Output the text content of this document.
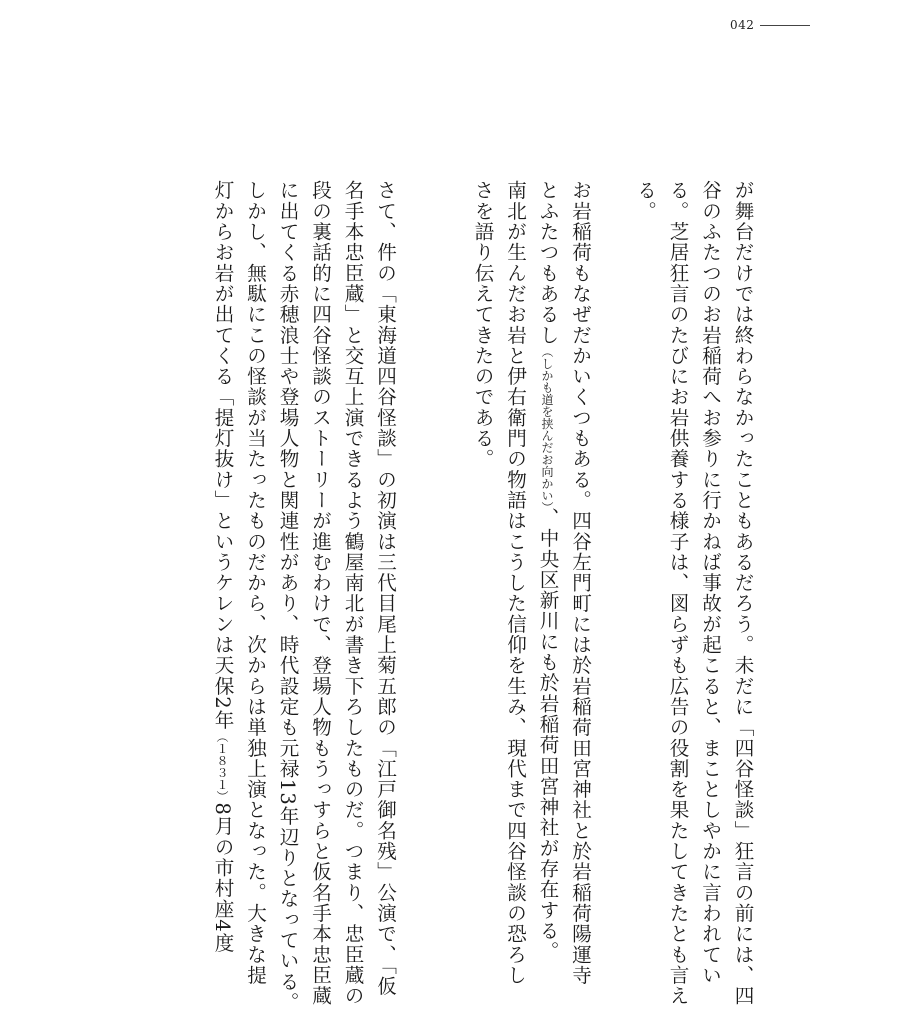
042
が舞台だけでは終わらなかったこともあるだろう。未だに「四谷怪談」狂言の前には、四
谷のふたつのお岩稲荷へお参りに行かねば事故が起こると、まことしやかに言われてい
る。芝居狂言のたびにお岩供養する様子は、図らずも広告の役割を果たしてきたとも言え
る。
お岩稲荷もなぜだかいくつもある。四谷左門町には於岩稲荷田宮神社と於岩稲荷陽運寺
とふたつもあるし（しかも道を挟んだお向かい）、中央区新川にも於岩稲荷田宮神社が存在する。
南北が生んだお岩と伊右衛門の物語はこうした信仰を生み、現代まで四谷怪談の恐ろし
さを語り伝えてきたのである。
さて、件の「東海道四谷怪談」の初演は三代目尾上菊五郎の「江戸御名残」公演で、「仮
名手本忠臣蔵」と交互上演できるよう鶴屋南北が書き下ろしたものだ。つまり、忠臣蔵の
段の裏話的に四谷怪談のストーリーが進むわけで、登場人物もうっすらと仮名手本忠臣蔵
に出てくる赤穂浪士や登場人物と関連性があり、時代設定も元禄13年辺りとなっている。
しかし、無駄にこの怪談が当たったものだから、次からは単独上演となった。大きな提
灯からお岩が出てくる「提灯抜け」というケレンは天保2年（１８３１）8月の市村座4度
